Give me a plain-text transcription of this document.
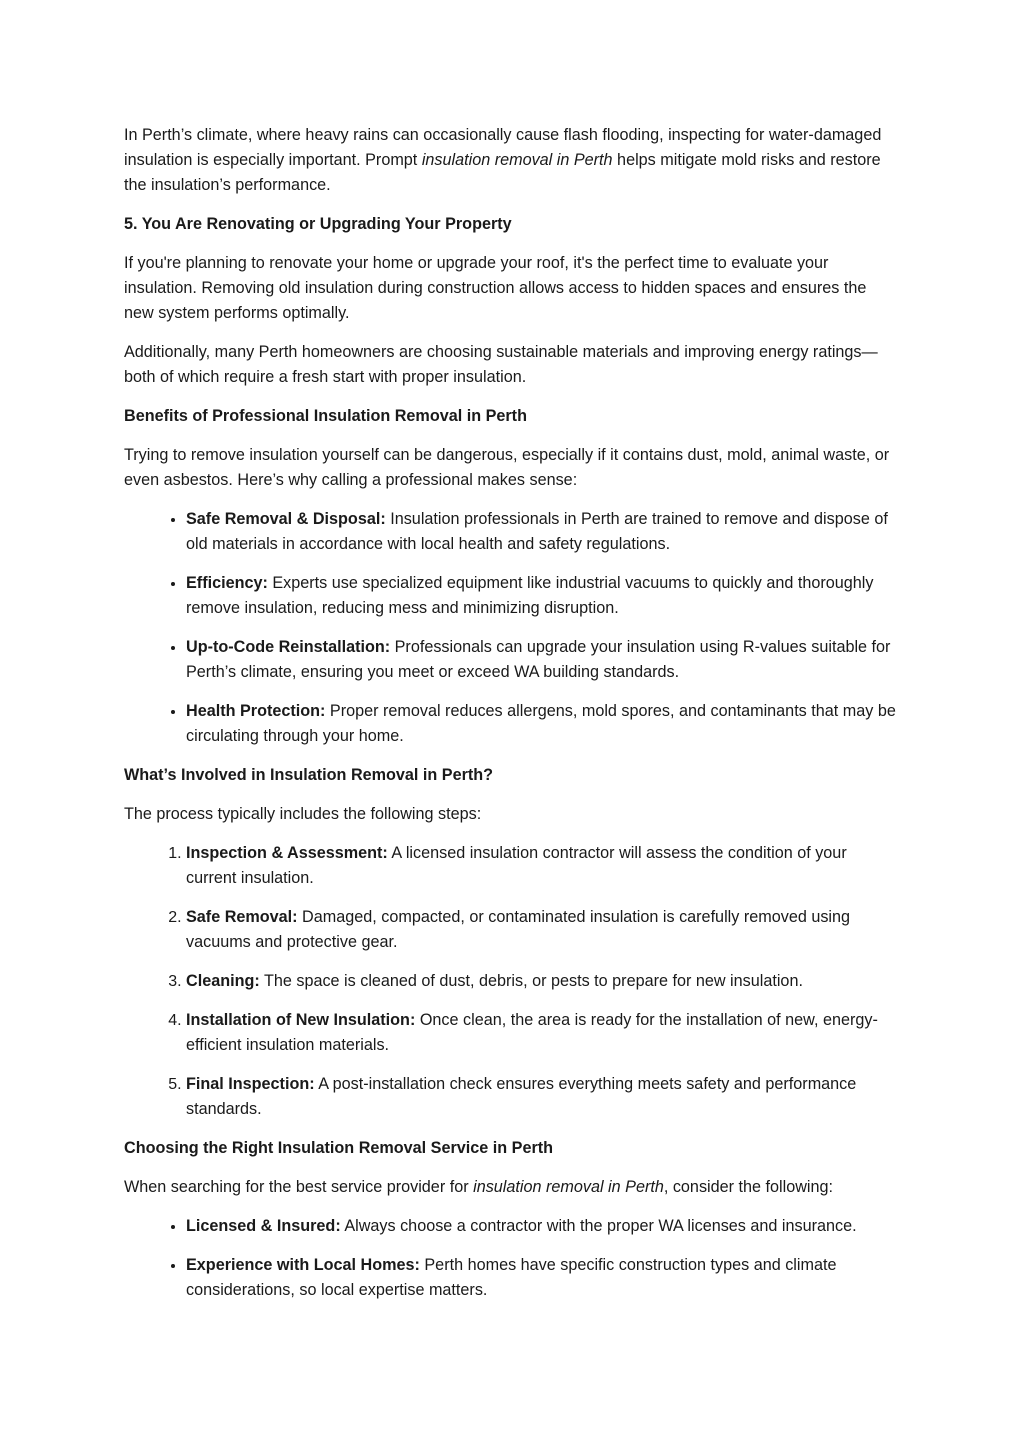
In Perth’s climate, where heavy rains can occasionally cause flash flooding, inspecting for water-damaged insulation is especially important. Prompt insulation removal in Perth helps mitigate mold risks and restore the insulation’s performance.

5. You Are Renovating or Upgrading Your Property

If you're planning to renovate your home or upgrade your roof, it's the perfect time to evaluate your insulation. Removing old insulation during construction allows access to hidden spaces and ensures the new system performs optimally.

Additionally, many Perth homeowners are choosing sustainable materials and improving energy ratings—both of which require a fresh start with proper insulation.

Benefits of Professional Insulation Removal in Perth

Trying to remove insulation yourself can be dangerous, especially if it contains dust, mold, animal waste, or even asbestos. Here’s why calling a professional makes sense:

• Safe Removal & Disposal: Insulation professionals in Perth are trained to remove and dispose of old materials in accordance with local health and safety regulations.
• Efficiency: Experts use specialized equipment like industrial vacuums to quickly and thoroughly remove insulation, reducing mess and minimizing disruption.
• Up-to-Code Reinstallation: Professionals can upgrade your insulation using R-values suitable for Perth’s climate, ensuring you meet or exceed WA building standards.
• Health Protection: Proper removal reduces allergens, mold spores, and contaminants that may be circulating through your home.
What’s Involved in Insulation Removal in Perth?

The process typically includes the following steps:

1. Inspection & Assessment: A licensed insulation contractor will assess the condition of your current insulation.
2. Safe Removal: Damaged, compacted, or contaminated insulation is carefully removed using vacuums and protective gear.
3. Cleaning: The space is cleaned of dust, debris, or pests to prepare for new insulation.
4. Installation of New Insulation: Once clean, the area is ready for the installation of new, energy-efficient insulation materials.
5. Final Inspection: A post-installation check ensures everything meets safety and performance standards.
Choosing the Right Insulation Removal Service in Perth

When searching for the best service provider for insulation removal in Perth, consider the following:

• Licensed & Insured: Always choose a contractor with the proper WA licenses and insurance.
• Experience with Local Homes: Perth homes have specific construction types and climate considerations, so local expertise matters.
